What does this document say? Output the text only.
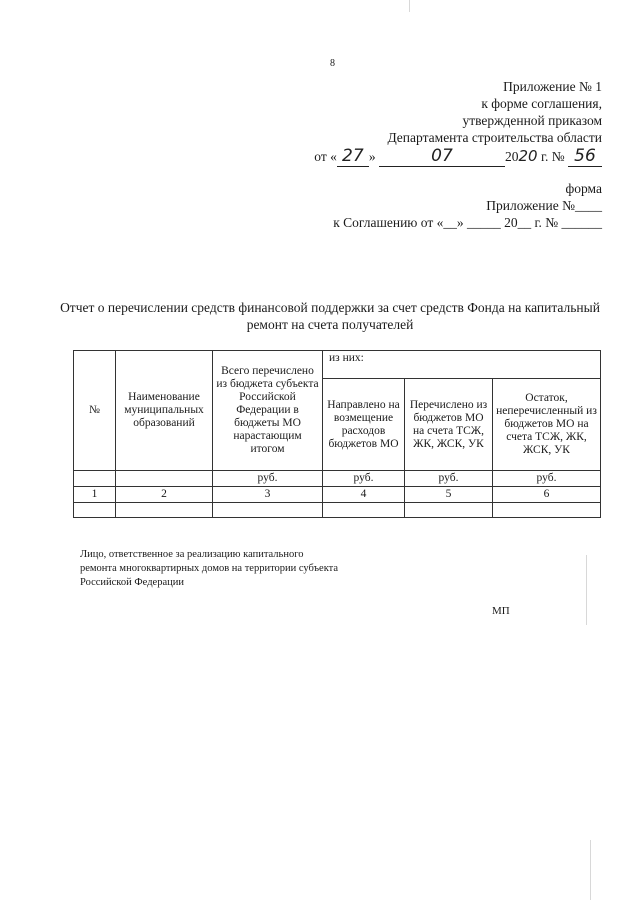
8
Приложение № 1
к форме соглашения,
утвержденной приказом
Департамента строительства области
от « 27 »	07	2020 г. № 56
форма
Приложение №____
к Соглашению от «__» _____ 20__ г. № ______
Отчет о перечислении средств финансовой поддержки за счет средств Фонда на капитальный ремонт на счета получателей
№	Наименование муниципальных образований	Всего перечислено из бюджета субъекта Российской Федерации в бюджеты МО нарастающим итогом	из них:		
			Направлено на возмещение расходов бюджетов МО	Перечислено из бюджетов МО на счета ТСЖ, ЖК, ЖСК, УК	Остаток, неперечисленный из бюджетов МО на счета ТСЖ, ЖК, ЖСК, УК
		руб.	руб.	руб.	руб.
1	2	3	4	5	6

Лицо, ответственное за реализацию капитального ремонта многоквартирных домов на территории субъекта Российской Федерации
МП
